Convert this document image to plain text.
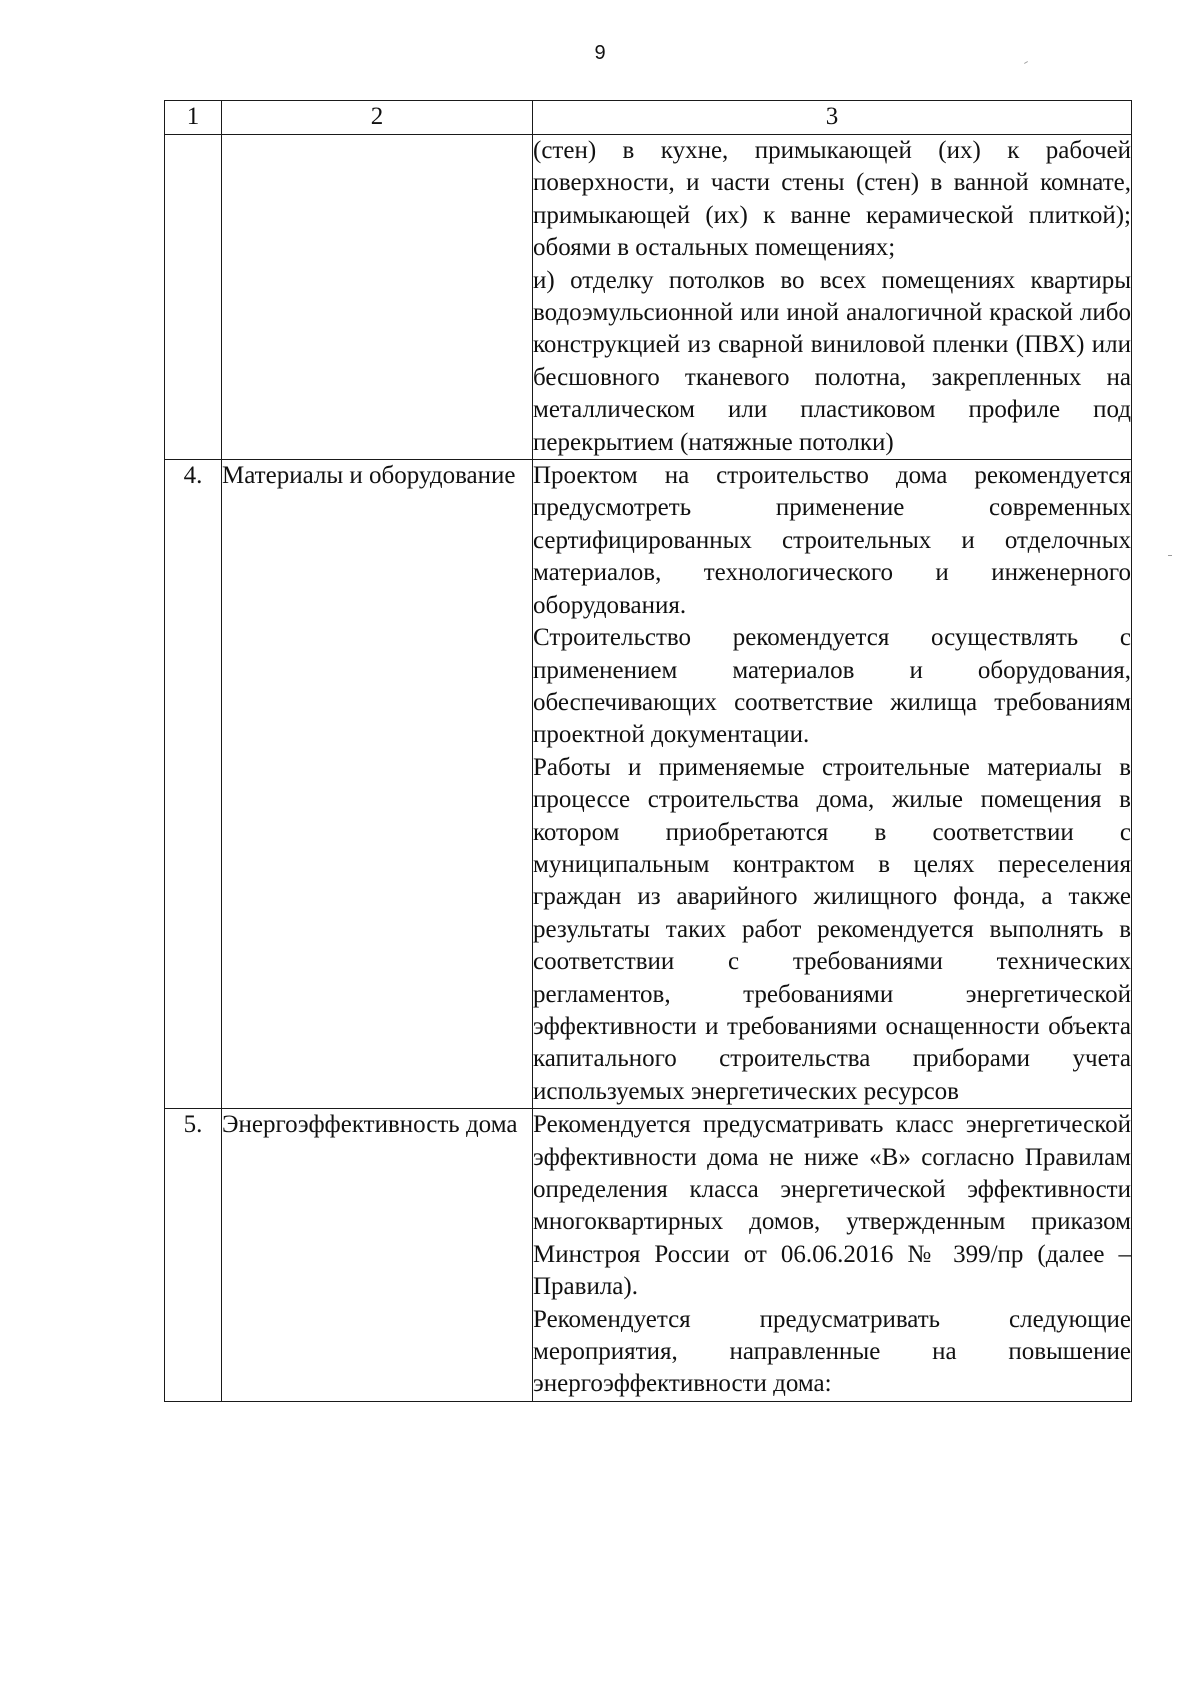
9
1	2	3

		(стен) в кухне, примыкающей (их) к рабочей поверхности, и части стены (стен) в ванной комнате, примыкающей (их) к ванне керамической плиткой); обоями в остальных помещениях;

и) отделку потолков во всех помещениях квартиры водоэмульсионной или иной аналогичной краской либо конструкцией из сварной виниловой пленки (ПВХ) или бесшовного тканевого полотна, закрепленных на металлическом или пластиковом профиле под перекрытием (натяжные потолки)

4.	Материалы и оборудование	Проектом на строительство дома рекомендуется предусмотреть применение современных сертифицированных строительных и отделочных материалов, технологического и инженерного оборудования.

Строительство рекомендуется осуществлять с применением материалов и оборудования, обеспечивающих соответствие жилища требованиям проектной документации.

Работы и применяемые строительные материалы в процессе строительства дома, жилые помещения в котором приобретаются в соответствии с муниципальным контрактом в целях переселения граждан из аварийного жилищного фонда, а также результаты таких работ рекомендуется выполнять в соответствии с требованиями технических регламентов, требованиями энергетической эффективности и требованиями оснащенности объекта капитального строительства приборами учета используемых энергетических ресурсов

5.	Энергоэффективность дома	Рекомендуется предусматривать класс энергетической эффективности дома не ниже «В» согласно Правилам определения класса энергетической эффективности многоквартирных домов, утвержденным приказом Минстроя России от 06.06.2016 № 399/пр (далее – Правила).

Рекомендуется предусматривать следующие мероприятия, направленные на повышение энергоэффективности дома:
